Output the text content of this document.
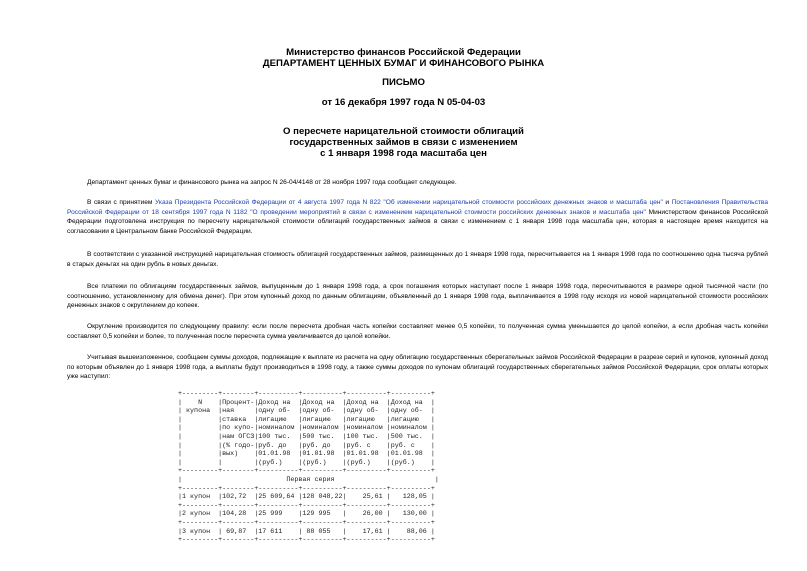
Министерство финансов Российской Федерации
ДЕПАРТАМЕНТ ЦЕННЫХ БУМАГ И ФИНАНСОВОГО РЫНКА
ПИСЬМО
от 16 декабря 1997 года N 05-04-03
О пересчете нарицательной стоимости облигаций
государственных займов в связи с изменением
с 1 января 1998 года масштаба цен
Департамент ценных бумаг и финансового рынка на запрос N 26-04/4148 от 28 ноября 1997 года сообщает следующее.
В связи с принятием Указа Президента Российской Федерации от 4 августа 1997 года N 822 "Об изменении нарицательной стоимости российских денежных знаков и масштаба цен" и Постановления Правительства Российской Федерации от 18 сентября 1997 года N 1182 "О проведении мероприятий в связи с изменением нарицательной стоимости российских денежных знаков и масштаба цен" Министерством финансов Российской Федерации подготовлена инструкция по пересчету нарицательной стоимости облигаций государственных займов в связи с изменением с 1 января 1998 года масштаба цен, которая в настоящее время находится на согласовании в Центральном банке Российской Федерации.
В соответствии с указанной инструкцией нарицательная стоимость облигаций государственных займов, размещенных до 1 января 1998 года, пересчитывается на 1 января 1998 года по соотношению одна тысяча рублей в старых деньгах на один рубль в новых деньгах.
Все платежи по облигациям государственных займов, выпущенным до 1 января 1998 года, а срок погашения которых наступает после 1 января 1998 года, пересчитываются в размере одной тысячной части (по соотношению, установленному для обмена денег). При этом купонный доход по данным облигациям, объявленный до 1 января 1998 года, выплачивается в 1998 году исходя из новой нарицательной стоимости российских денежных знаков с округлением до копеек.
Округление производится по следующему правилу: если после пересчета дробная часть копейки составляет менее 0,5 копейки, то полученная сумма уменьшается до целой копейки, а если дробная часть копейки составляет 0,5 копейки и более, то полученная после пересчета сумма увеличивается до целой копейки.
Учитывая вышеизложенное, сообщаем суммы доходов, подлежащие к выплате из расчета на одну облигацию государственных сберегательных займов Российской Федерации в разрезе серий и купонов, купонный доход по которым объявлен до 1 января 1998 года, а выплаты будут производиться в 1998 году, а также суммы доходов по купонам облигаций государственных сберегательных займов Российской Федерации, срок оплаты которых уже наступил:
+---------+--------+----------+----------+----------+----------+
|    N    |Процент-|Доход на  |Доход на  |Доход на  |Доход на  |
| купона  |ная     |одну об-  |одну об-  |одну об-  |одну об-  |
|         |ставка  |лигацию   |лигацию   |лигацию   |лигацию   |
|         |по купо-|номиналом |номиналом |номиналом |номиналом |
|         |нам ОГСЗ|100 тыс.  |500 тыс.  |100 тыс.  |500 тыс.  |
|         |(% годо-|руб. до   |руб. до   |руб. с    |руб. с    |
|         |вых)    |01.01.98  |01.01.98  |01.01.98  |01.01.98  |
|         |        |(руб.)    |(руб.)    |(руб.)    |(руб.)    |
+---------+--------+----------+----------+----------+----------+
|                          Первая серия                         |
+---------+--------+----------+----------+----------+----------+
|1 купон  |102,72  |25 609,64 |128 048,22|    25,61 |   128,05 |
+---------+--------+----------+----------+----------+----------+
|2 купон  |104,28  |25 999    |129 995   |    26,00 |   130,00 |
+---------+--------+----------+----------+----------+----------+
|3 купон  | 69,87  |17 611    | 88 055   |    17,61 |    88,06 |
+---------+--------+----------+----------+----------+----------+
